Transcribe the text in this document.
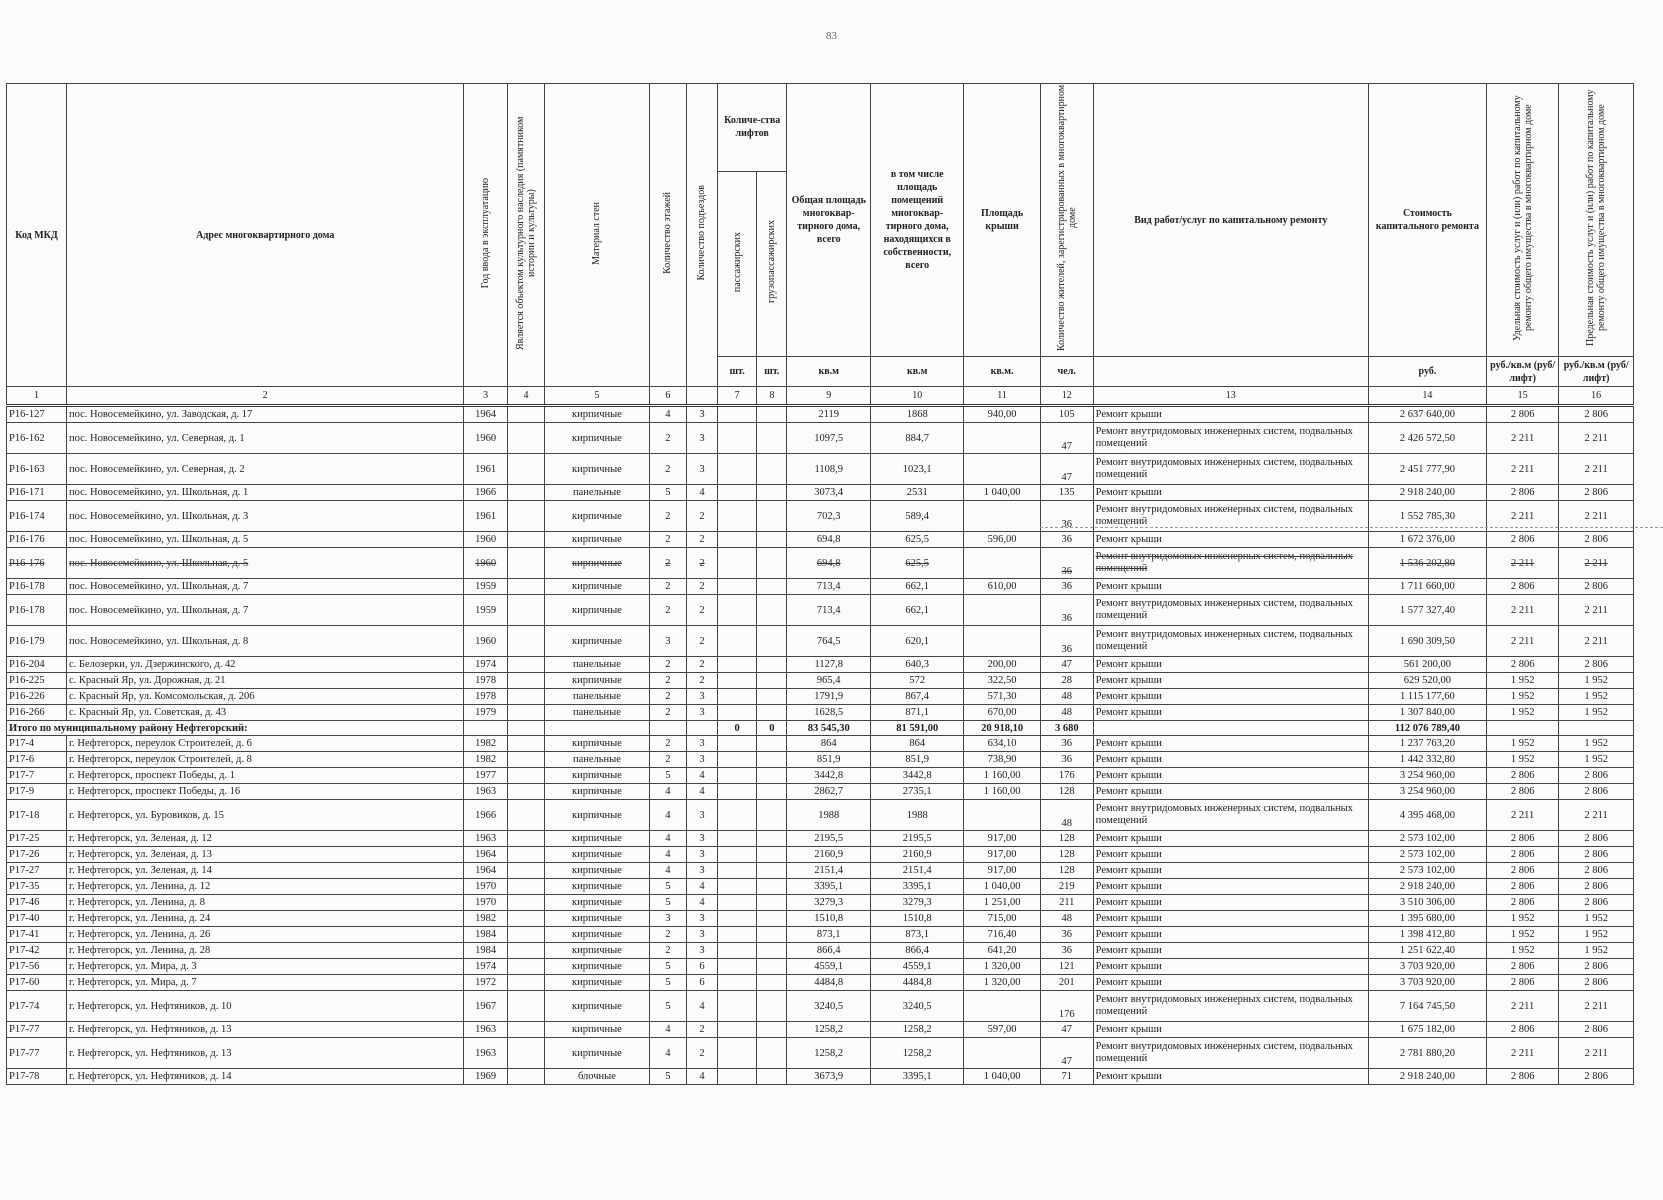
83
Код МКД	Адрес многоквартирного дома	Год ввода в эксплуатацию	Является объектом культурного наследия (памятником истории и культуры)	Материал стен	Количество этажей	Количество подъездов	Количе-ства лифтов		Общая площадь многоквар-тирного дома, всего	в том числе площадь помещений многоквар-тирного дома, находящихся в собственности, всего	Площадь крыши	Количество жителей, зарегистрированных в многоквартирном доме	Вид работ/услуг по капитальному ремонту	Стоимость капитального ремонта	Удельная стоимость услуг и (или) работ по капитальному ремонту общего имущества в многоквартирном доме	Предельная стоимость услуг и (или) работ по капитальному ремонту общего имущества в многоквартирном доме
							пассажирских	грузопассажирских								
							шт.	шт.	кв.м	кв.м	кв.м.	чел.		руб.	руб./кв.м (руб/лифт)	руб./кв.м (руб/лифт)
1	2	3	4	5	6		7	8	9	10	11	12	13	14	15	16
Р16-127	пос. Новосемейкино, ул. Заводская, д. 17	1964		кирпичные	4	3			2119	1868	940,00	105	Ремонт крыши	2 637 640,00	2 806	2 806
Р16-162	пос. Новосемейкино, ул. Северная, д. 1	1960		кирпичные	2	3			1097,5	884,7		47	Ремонт внутридомовых инженерных систем, подвальных помещений	2 426 572,50	2 211	2 211
Р16-163	пос. Новосемейкино, ул. Северная, д. 2	1961		кирпичные	2	3			1108,9	1023,1		47	Ремонт внутридомовых инженерных систем, подвальных помещений	2 451 777,90	2 211	2 211
Р16-171	пос. Новосемейкино, ул. Школьная, д. 1	1966		панельные	5	4			3073,4	2531	1 040,00	135	Ремонт крыши	2 918 240,00	2 806	2 806
Р16-174	пос. Новосемейкино, ул. Школьная, д. 3	1961		кирпичные	2	2			702,3	589,4		36	Ремонт внутридомовых инженерных систем, подвальных помещений	1 552 785,30	2 211	2 211
Р16-176	пос. Новосемейкино, ул. Школьная, д. 5	1960		кирпичные	2	2			694,8	625,5	596,00	36	Ремонт крыши	1 672 376,00	2 806	2 806
Р16-176	пос. Новосемейкино, ул. Школьная, д. 5	1960		кирпичные	2	2			694,8	625,5		36	Ремонт внутридомовых инженерных систем, подвальных помещений	1 536 202,80	2 211	2 211
Р16-178	пос. Новосемейкино, ул. Школьная, д. 7	1959		кирпичные	2	2			713,4	662,1	610,00	36	Ремонт крыши	1 711 660,00	2 806	2 806
Р16-178	пос. Новосемейкино, ул. Школьная, д. 7	1959		кирпичные	2	2			713,4	662,1		36	Ремонт внутридомовых инженерных систем, подвальных помещений	1 577 327,40	2 211	2 211
Р16-179	пос. Новосемейкино, ул. Школьная, д. 8	1960		кирпичные	3	2			764,5	620,1		36	Ремонт внутридомовых инженерных систем, подвальных помещений	1 690 309,50	2 211	2 211
Р16-204	с. Белозерки, ул. Дзержинского, д. 42	1974		панельные	2	2			1127,8	640,3	200,00	47	Ремонт крыши	561 200,00	2 806	2 806
Р16-225	с. Красный Яр, ул. Дорожная, д. 21	1978		кирпичные	2	2			965,4	572	322,50	28	Ремонт крыши	629 520,00	1 952	1 952
Р16-226	с. Красный Яр, ул. Комсомольская, д. 206	1978		панельные	2	3			1791,9	867,4	571,30	48	Ремонт крыши	1 115 177,60	1 952	1 952
Р16-266	с. Красный Яр, ул. Советская, д. 43	1979		панельные	2	3			1628,5	871,1	670,00	48	Ремонт крыши	1 307 840,00	1 952	1 952
Итого по муниципальному району Нефтегорский:							0	0	83 545,30	81 591,00	20 918,10	3 680		112 076 789,40		
Р17-4	г. Нефтегорск, переулок Строителей, д. 6	1982		кирпичные	2	3			864	864	634,10	36	Ремонт крыши	1 237 763,20	1 952	1 952
Р17-6	г. Нефтегорск, переулок Строителей, д. 8	1982		панельные	2	3			851,9	851,9	738,90	36	Ремонт крыши	1 442 332,80	1 952	1 952
Р17-7	г. Нефтегорск, проспект Победы, д. 1	1977		кирпичные	5	4			3442,8	3442,8	1 160,00	176	Ремонт крыши	3 254 960,00	2 806	2 806
Р17-9	г. Нефтегорск, проспект Победы, д. 16	1963		кирпичные	4	4			2862,7	2735,1	1 160,00	128	Ремонт крыши	3 254 960,00	2 806	2 806
Р17-18	г. Нефтегорск, ул. Буровиков, д. 15	1966		кирпичные	4	3			1988	1988		48	Ремонт внутридомовых инженерных систем, подвальных помещений	4 395 468,00	2 211	2 211
Р17-25	г. Нефтегорск, ул. Зеленая, д. 12	1963		кирпичные	4	3			2195,5	2195,5	917,00	128	Ремонт крыши	2 573 102,00	2 806	2 806
Р17-26	г. Нефтегорск, ул. Зеленая, д. 13	1964		кирпичные	4	3			2160,9	2160,9	917,00	128	Ремонт крыши	2 573 102,00	2 806	2 806
Р17-27	г. Нефтегорск, ул. Зеленая, д. 14	1964		кирпичные	4	3			2151,4	2151,4	917,00	128	Ремонт крыши	2 573 102,00	2 806	2 806
Р17-35	г. Нефтегорск, ул. Ленина, д. 12	1970		кирпичные	5	4			3395,1	3395,1	1 040,00	219	Ремонт крыши	2 918 240,00	2 806	2 806
Р17-46	г. Нефтегорск, ул. Ленина, д. 8	1970		кирпичные	5	4			3279,3	3279,3	1 251,00	211	Ремонт крыши	3 510 306,00	2 806	2 806
Р17-40	г. Нефтегорск, ул. Ленина, д. 24	1982		кирпичные	3	3			1510,8	1510,8	715,00	48	Ремонт крыши	1 395 680,00	1 952	1 952
Р17-41	г. Нефтегорск, ул. Ленина, д. 26	1984		кирпичные	2	3			873,1	873,1	716,40	36	Ремонт крыши	1 398 412,80	1 952	1 952
Р17-42	г. Нефтегорск, ул. Ленина, д. 28	1984		кирпичные	2	3			866,4	866,4	641,20	36	Ремонт крыши	1 251 622,40	1 952	1 952
Р17-56	г. Нефтегорск, ул. Мира, д. 3	1974		кирпичные	5	6			4559,1	4559,1	1 320,00	121	Ремонт крыши	3 703 920,00	2 806	2 806
Р17-60	г. Нефтегорск, ул. Мира, д. 7	1972		кирпичные	5	6			4484,8	4484,8	1 320,00	201	Ремонт крыши	3 703 920,00	2 806	2 806
Р17-74	г. Нефтегорск, ул. Нефтяников, д. 10	1967		кирпичные	5	4			3240,5	3240,5		176	Ремонт внутридомовых инженерных систем, подвальных помещений	7 164 745,50	2 211	2 211
Р17-77	г. Нефтегорск, ул. Нефтяников, д. 13	1963		кирпичные	4	2			1258,2	1258,2	597,00	47	Ремонт крыши	1 675 182,00	2 806	2 806
Р17-77	г. Нефтегорск, ул. Нефтяников, д. 13	1963		кирпичные	4	2			1258,2	1258,2		47	Ремонт внутридомовых инженерных систем, подвальных помещений	2 781 880,20	2 211	2 211
Р17-78	г. Нефтегорск, ул. Нефтяников, д. 14	1969		блочные	5	4			3673,9	3395,1	1 040,00	71	Ремонт крыши	2 918 240,00	2 806	2 806
